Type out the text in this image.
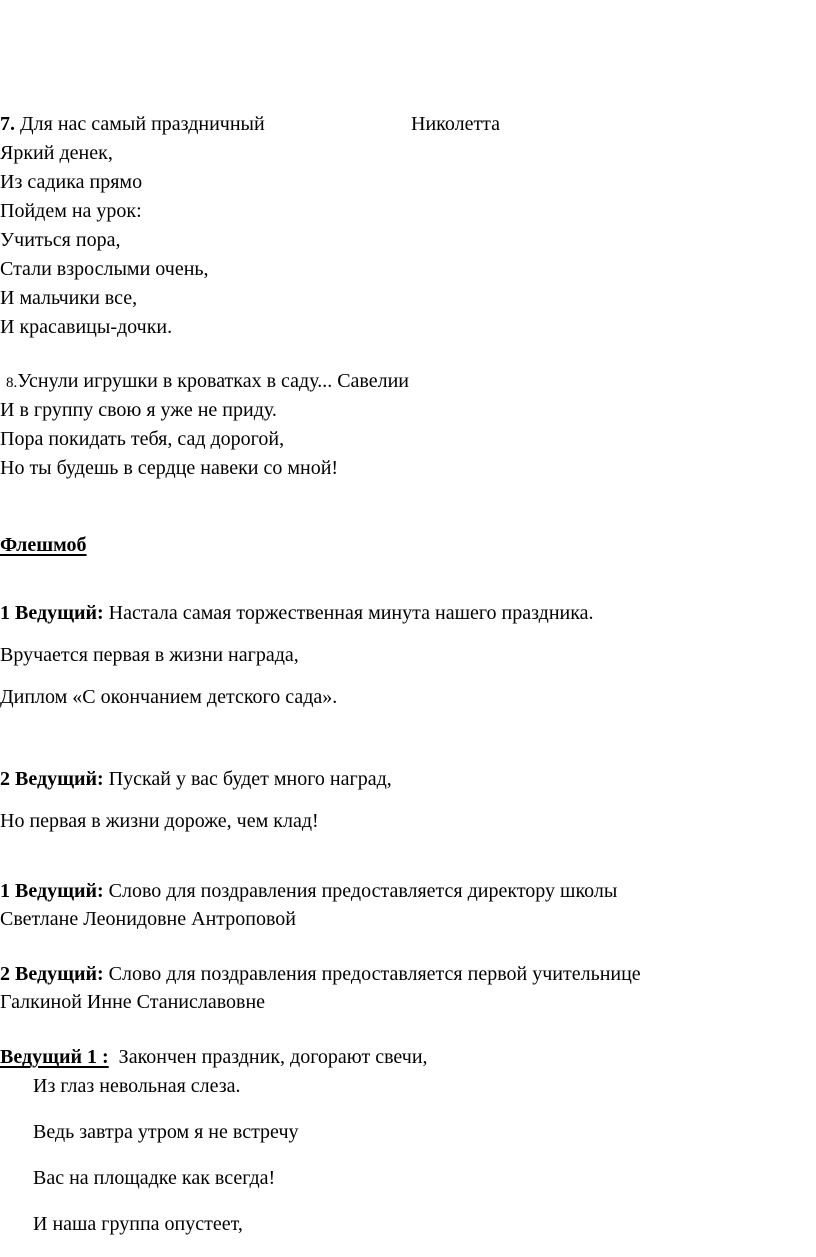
7. Для нас самый праздничный	Николетта
Яркий денек,
Из садика прямо
Пойдем на урок:
Учиться пора,
Стали взрослыми очень,
И мальчики все,
И красавицы-дочки.
8.Уснули игрушки в кроватках в саду... Савелии
И в группу свою я уже не приду.
Пора покидать тебя, сад дорогой,
Но ты будешь в сердце навеки со мной!
Флешмоб
1 Ведущий: Настала самая торжественная минута нашего праздника.
Вручается первая в жизни награда,
Диплом «С окончанием детского сада».
2 Ведущий: Пускай у вас будет много наград,
Но первая в жизни дороже, чем клад!
1 Ведущий: Слово для поздравления предоставляется директору школы
Светлане Леонидовне Антроповой
2 Ведущий: Слово для поздравления предоставляется первой учительнице
Галкиной Инне Станиславовне
Ведущий 1 : Закончен праздник, догорают свечи,
Из глаз невольная слеза.
Ведь завтра утром я не встречу
Вас на площадке как всегда!
И наша группа опустеет,
